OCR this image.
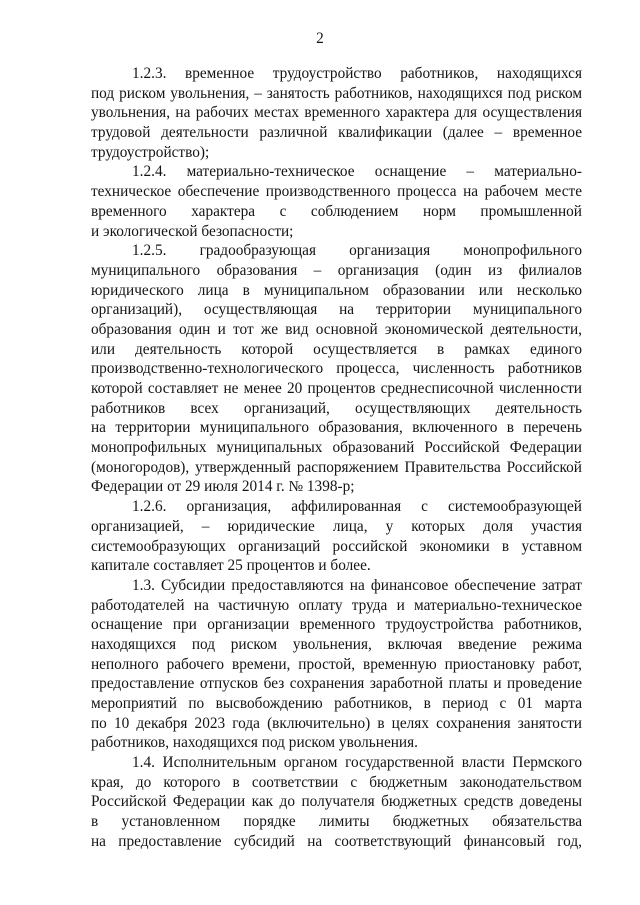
2
1.2.3. временное трудоустройство работников, находящихся
под риском увольнения, – занятость работников, находящихся под риском
увольнения, на рабочих местах временного характера для осуществления
трудовой деятельности различной квалификации (далее – временное
трудоустройство);
1.2.4. материально-техническое оснащение – материально-
техническое обеспечение производственного процесса на рабочем месте
временного характера с соблюдением норм промышленной
и экологической безопасности;
1.2.5. градообразующая организация монопрофильного
муниципального образования – организация (один из филиалов
юридического лица в муниципальном образовании или несколько
организаций), осуществляющая на территории муниципального
образования один и тот же вид основной экономической деятельности,
или деятельность которой осуществляется в рамках единого
производственно-технологического процесса, численность работников
которой составляет не менее 20 процентов среднесписочной численности
работников всех организаций, осуществляющих деятельность
на территории муниципального образования, включенного в перечень
монопрофильных муниципальных образований Российской Федерации
(моногородов), утвержденный распоряжением Правительства Российской
Федерации от 29 июля 2014 г. № 1398-р;
1.2.6. организация, аффилированная с системообразующей
организацией, – юридические лица, у которых доля участия
системообразующих организаций российской экономики в уставном
капитале составляет 25 процентов и более.
1.3. Субсидии предоставляются на финансовое обеспечение затрат
работодателей на частичную оплату труда и материально-техническое
оснащение при организации временного трудоустройства работников,
находящихся под риском увольнения, включая введение режима
неполного рабочего времени, простой, временную приостановку работ,
предоставление отпусков без сохранения заработной платы и проведение
мероприятий по высвобождению работников, в период с 01 марта
по 10 декабря 2023 года (включительно) в целях сохранения занятости
работников, находящихся под риском увольнения.
1.4. Исполнительным органом государственной власти Пермского
края, до которого в соответствии с бюджетным законодательством
Российской Федерации как до получателя бюджетных средств доведены
в установленном порядке лимиты бюджетных обязательства
на предоставление субсидий на соответствующий финансовый год,
